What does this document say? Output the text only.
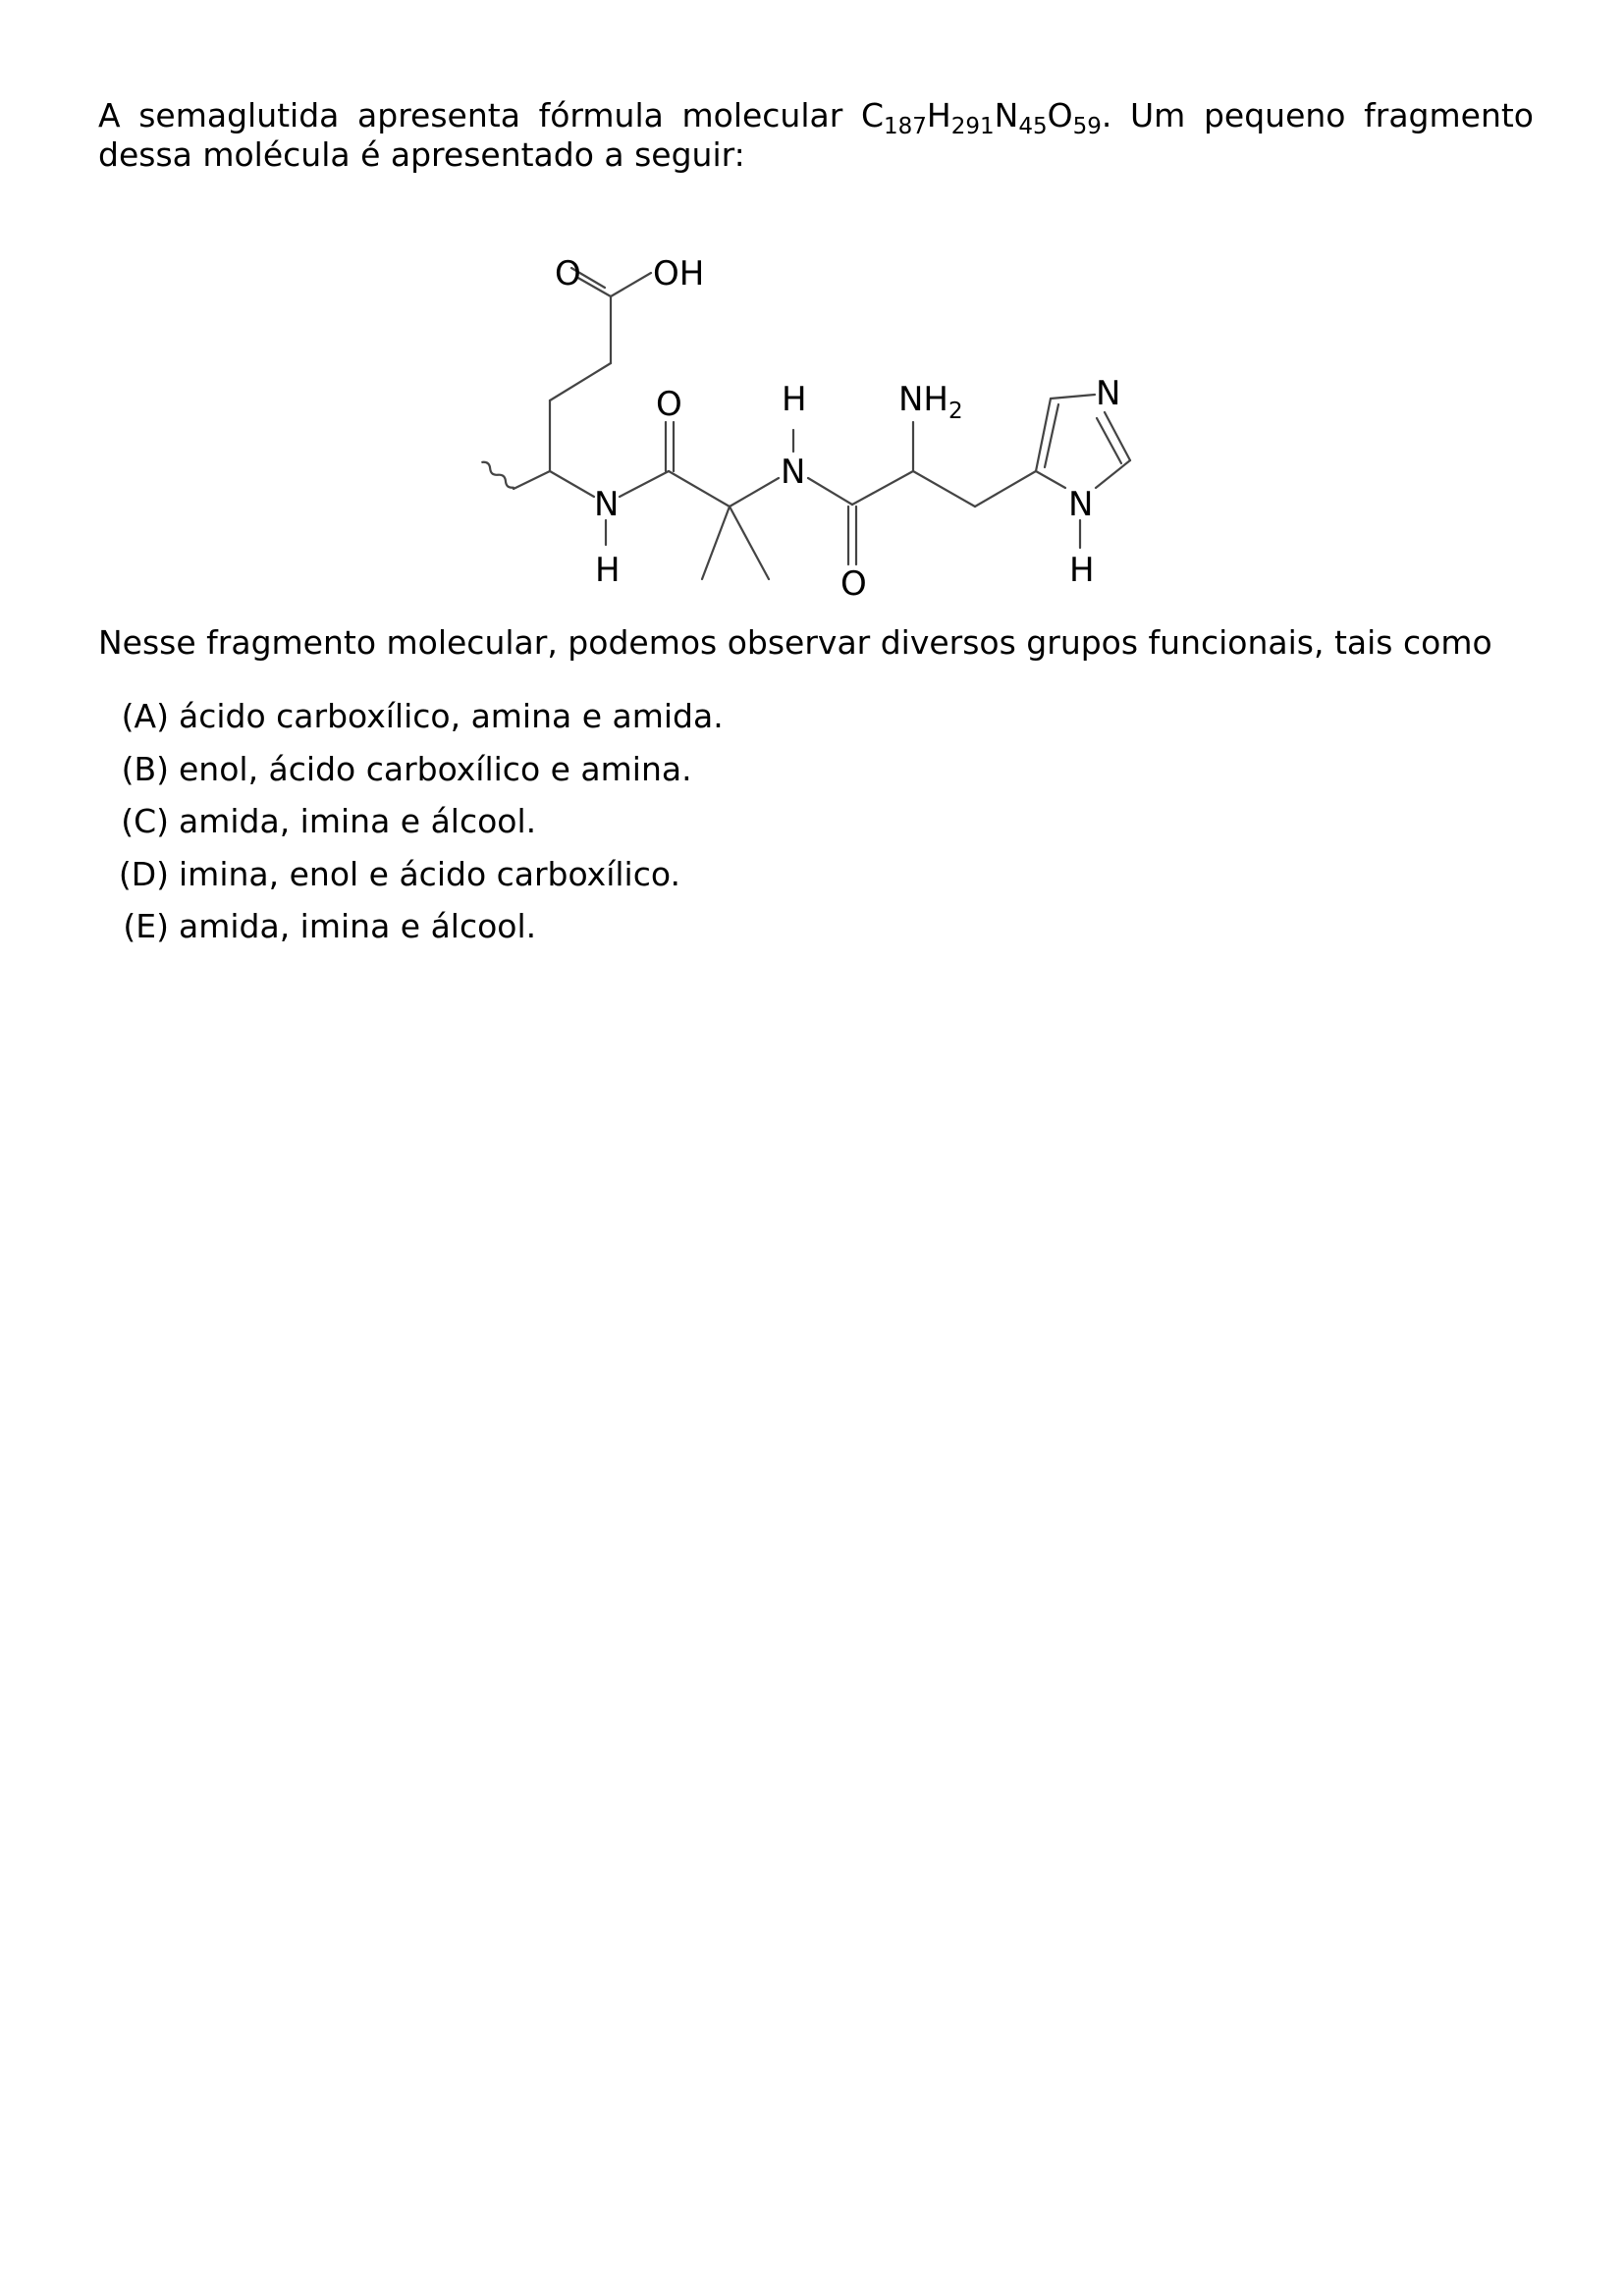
A semaglutida apresenta fórmula molecular $C_{187}H_{291}N_{45}O_{59}$. Um pequeno fragmento dessa molécula é apresentado a seguir:

O OH
O	H
N
$NH_2$	N
N
H	O
N
H

Nesse fragmento molecular, podemos observar diversos grupos funcionais, tais como

(A) ácido carboxílico, amina e amida.
(B) enol, ácido carboxílico e amina.
(C) amida, imina e álcool.
(D) imina, enol e ácido carboxílico.
(E) amida, imina e álcool.
